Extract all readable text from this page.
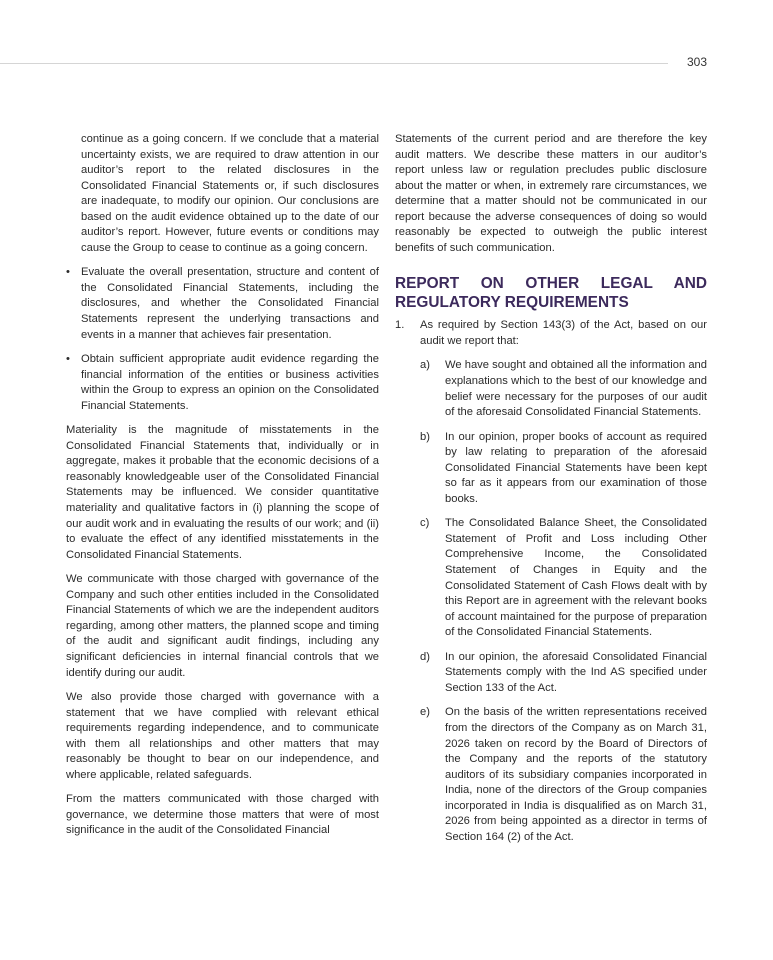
303

continue as a going concern. If we conclude that a material uncertainty exists, we are required to draw attention in our auditor’s report to the related disclosures in the Consolidated Financial Statements or, if such disclosures are inadequate, to modify our opinion. Our conclusions are based on the audit evidence obtained up to the date of our auditor’s report. However, future events or conditions may cause the Group to cease to continue as a going concern.

• Evaluate the overall presentation, structure and content of the Consolidated Financial Statements, including the disclosures, and whether the Consolidated Financial Statements represent the underlying transactions and events in a manner that achieves fair presentation.

• Obtain sufficient appropriate audit evidence regarding the financial information of the entities or business activities within the Group to express an opinion on the Consolidated Financial Statements.

Materiality is the magnitude of misstatements in the Consolidated Financial Statements that, individually or in aggregate, makes it probable that the economic decisions of a reasonably knowledgeable user of the Consolidated Financial Statements may be influenced. We consider quantitative materiality and qualitative factors in (i) planning the scope of our audit work and in evaluating the results of our work; and (ii) to evaluate the effect of any identified misstatements in the Consolidated Financial Statements.

We communicate with those charged with governance of the Company and such other entities included in the Consolidated Financial Statements of which we are the independent auditors regarding, among other matters, the planned scope and timing of the audit and significant audit findings, including any significant deficiencies in internal financial controls that we identify during our audit.

We also provide those charged with governance with a statement that we have complied with relevant ethical requirements regarding independence, and to communicate with them all relationships and other matters that may reasonably be thought to bear on our independence, and where applicable, related safeguards.

From the matters communicated with those charged with governance, we determine those matters that were of most significance in the audit of the Consolidated Financial

Statements of the current period and are therefore the key audit matters. We describe these matters in our auditor’s report unless law or regulation precludes public disclosure about the matter or when, in extremely rare circumstances, we determine that a matter should not be communicated in our report because the adverse consequences of doing so would reasonably be expected to outweigh the public interest benefits of such communication.

REPORT ON OTHER LEGAL AND REGULATORY REQUIREMENTS
1. As required by Section 143(3) of the Act, based on our audit we report that:

a) We have sought and obtained all the information and explanations which to the best of our knowledge and belief were necessary for the purposes of our audit of the aforesaid Consolidated Financial Statements.

b) In our opinion, proper books of account as required by law relating to preparation of the aforesaid Consolidated Financial Statements have been kept so far as it appears from our examination of those books.

c) The Consolidated Balance Sheet, the Consolidated Statement of Profit and Loss including Other Comprehensive Income, the Consolidated Statement of Changes in Equity and the Consolidated Statement of Cash Flows dealt with by this Report are in agreement with the relevant books of account maintained for the purpose of preparation of the Consolidated Financial Statements.

d) In our opinion, the aforesaid Consolidated Financial Statements comply with the Ind AS specified under Section 133 of the Act.

e) On the basis of the written representations received from the directors of the Company as on March 31, 2026 taken on record by the Board of Directors of the Company and the reports of the statutory auditors of its subsidiary companies incorporated in India, none of the directors of the Group companies incorporated in India is disqualified as on March 31, 2026 from being appointed as a director in terms of Section 164 (2) of the Act.
